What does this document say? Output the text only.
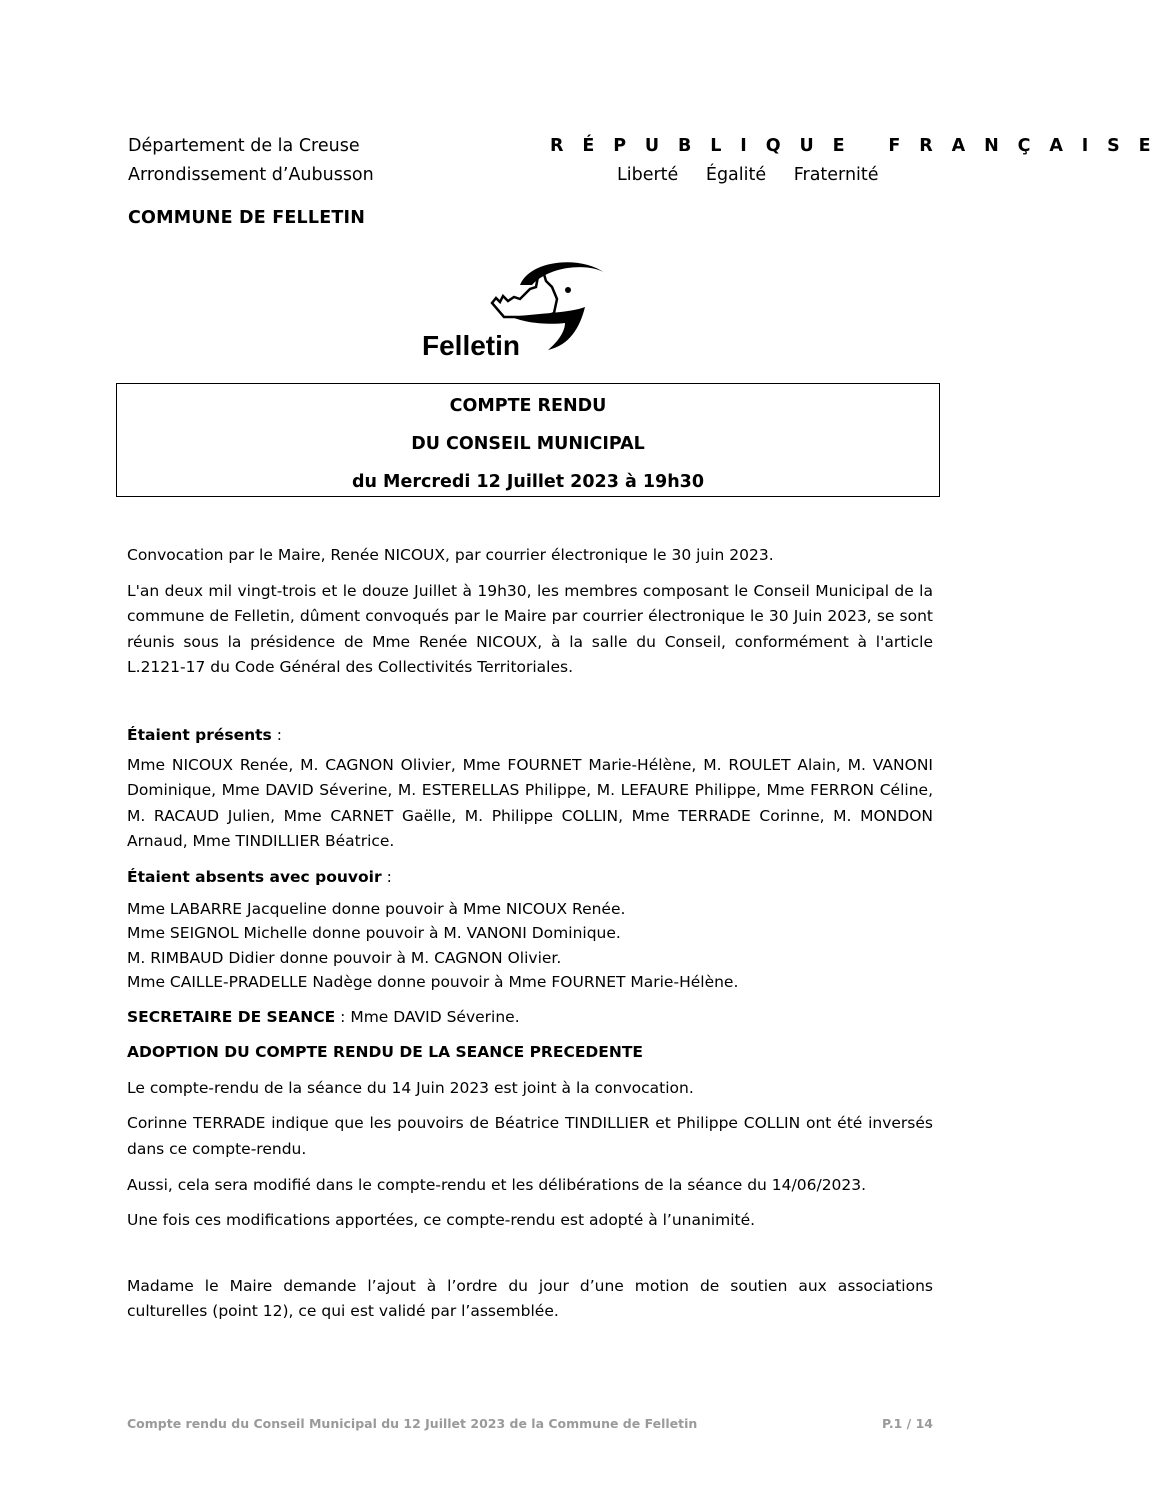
Département de la Creuse
Arrondissement d’Aubusson
COMMUNE DE FELLETIN
R É P U B L I Q U E   F R A N Ç A I S E
Liberté Égalité Fraternité
Felletin
COMPTE RENDU
DU CONSEIL MUNICIPAL
du Mercredi 12 Juillet 2023 à 19h30

Convocation par le Maire, Renée NICOUX, par courrier électronique le 30 juin 2023.

L'an deux mil vingt-trois et le douze Juillet à 19h30, les membres composant le Conseil Municipal de la commune de Felletin, dûment convoqués par le Maire par courrier électronique le 30 Juin 2023, se sont réunis sous la présidence de Mme Renée NICOUX, à la salle du Conseil, conformément à l'article L.2121-17 du Code Général des Collectivités Territoriales.

Étaient présents :

Mme NICOUX Renée, M. CAGNON Olivier, Mme FOURNET Marie-Hélène, M. ROULET Alain, M. VANONI Dominique, Mme DAVID Séverine, M. ESTERELLAS Philippe, M. LEFAURE Philippe, Mme FERRON Céline, M. RACAUD Julien, Mme CARNET Gaëlle, M. Philippe COLLIN, Mme TERRADE Corinne, M. MONDON Arnaud, Mme TINDILLIER Béatrice.

Étaient absents avec pouvoir :

Mme LABARRE Jacqueline donne pouvoir à Mme NICOUX Renée.
Mme SEIGNOL Michelle donne pouvoir à M. VANONI Dominique.
M. RIMBAUD Didier donne pouvoir à M. CAGNON Olivier.
Mme CAILLE-PRADELLE Nadège donne pouvoir à Mme FOURNET Marie-Hélène.

SECRETAIRE DE SEANCE : Mme DAVID Séverine.

ADOPTION DU COMPTE RENDU DE LA SEANCE PRECEDENTE

Le compte-rendu de la séance du 14 Juin 2023 est joint à la convocation.

Corinne TERRADE indique que les pouvoirs de Béatrice TINDILLIER et Philippe COLLIN ont été inversés dans ce compte-rendu.

Aussi, cela sera modifié dans le compte-rendu et les délibérations de la séance du 14/06/2023.

Une fois ces modifications apportées, ce compte-rendu est adopté à l’unanimité.

Madame le Maire demande l’ajout à l’ordre du jour d’une motion de soutien aux associations culturelles (point 12), ce qui est validé par l’assemblée.

Compte rendu du Conseil Municipal du 12 Juillet 2023 de la Commune de Felletin	P.1 / 14
